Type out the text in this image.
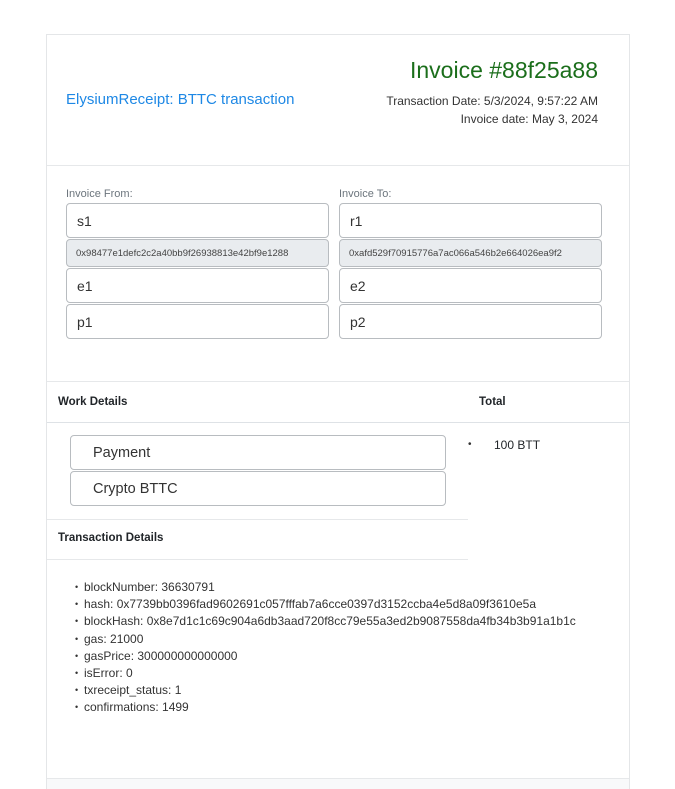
ElysiumReceipt: BTTC transaction
Invoice #88f25a88
Transaction Date: 5/3/2024, 9:57:22 AM
Invoice date: May 3, 2024
Invoice From:
s1
0x98477e1defc2c2a40bb9f26938813e42bf9e1288
e1
p1
Invoice To:
r1
0xafd529f70915776a7ac066a546b2e664026ea9f2
e2
p2
Work Details	Total
Payment
Crypto BTTC
• 100 BTT
Transaction Details
• blockNumber: 36630791
• hash: 0x7739bb0396fad9602691c057fffab7a6cce0397d3152ccba4e5d8a09f3610e5a
• blockHash: 0x8e7d1c1c69c904a6db3aad720f8cc79e55a3ed2b9087558da4fb34b3b91a1b1c
• gas: 21000
• gasPrice: 300000000000000
• isError: 0
• txreceipt_status: 1
• confirmations: 1499
